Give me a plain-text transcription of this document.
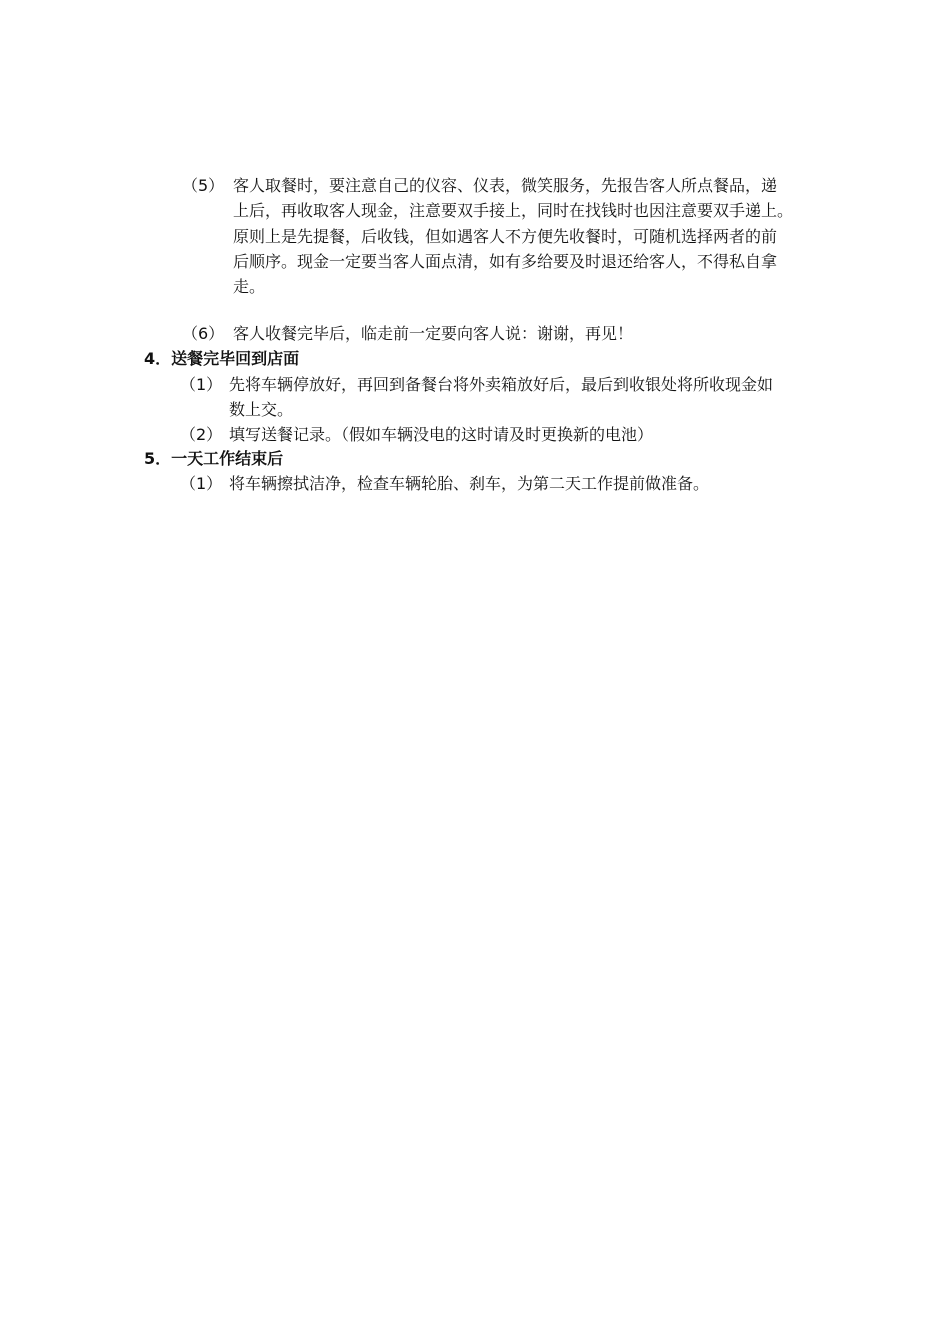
（5） 客人取餐时，要注意自己的仪容、仪表，微笑服务，先报告客人所点餐品，递
上后，再收取客人现金，注意要双手接上，同时在找钱时也因注意要双手递上。
原则上是先提餐，后收钱，但如遇客人不方便先收餐时，可随机选择两者的前
后顺序。现金一定要当客人面点清，如有多给要及时退还给客人，不得私自拿
走。
（6） 客人收餐完毕后，临走前一定要向客人说：谢谢，再见！
4．送餐完毕回到店面
（1） 先将车辆停放好，再回到备餐台将外卖箱放好后，最后到收银处将所收现金如
数上交。
（2） 填写送餐记录。（假如车辆没电的这时请及时更换新的电池）
5．一天工作结束后
（1） 将车辆擦拭洁净，检查车辆轮胎、刹车，为第二天工作提前做准备。
